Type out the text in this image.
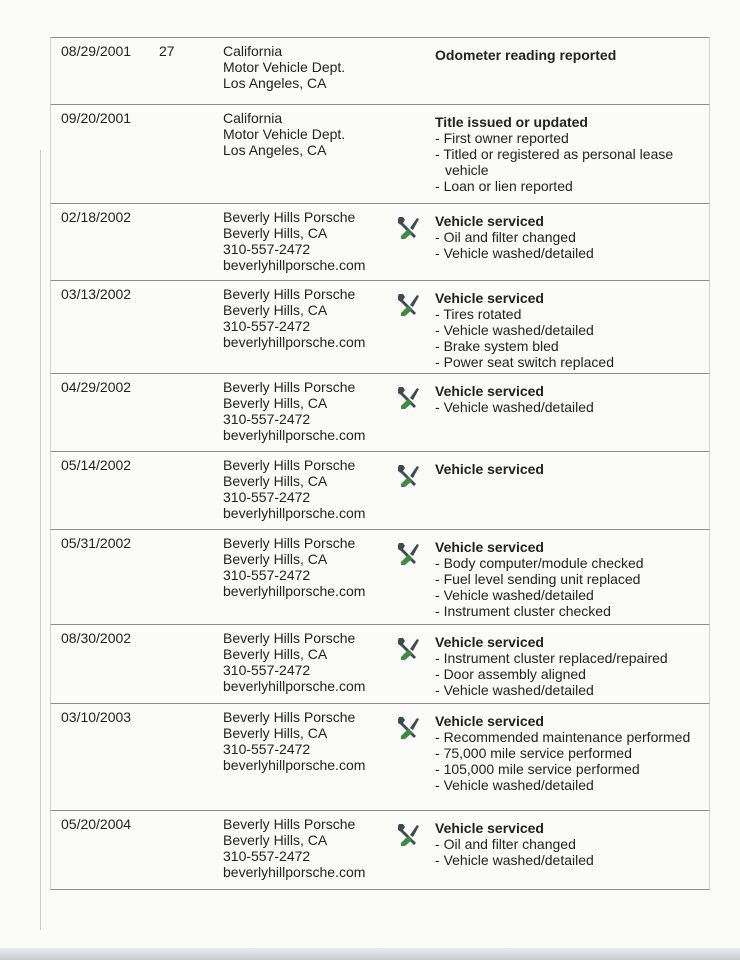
08/29/2001 27	California
Motor Vehicle Dept.
Los Angeles, CA
Odometer reading reported
09/20/2001	California
Motor Vehicle Dept.
Los Angeles, CA
Title issued or updated
- First owner reported
- Titled or registered as personal lease vehicle
- Loan or lien reported
02/18/2002	Beverly Hills Porsche
Beverly Hills, CA
310-557-2472
beverlyhillporsche.com
Vehicle serviced
- Oil and filter changed
- Vehicle washed/detailed
03/13/2002	Beverly Hills Porsche
Beverly Hills, CA
310-557-2472
beverlyhillporsche.com
Vehicle serviced
- Tires rotated
- Vehicle washed/detailed
- Brake system bled
- Power seat switch replaced
04/29/2002	Beverly Hills Porsche
Beverly Hills, CA
310-557-2472
beverlyhillporsche.com
Vehicle serviced
- Vehicle washed/detailed
05/14/2002	Beverly Hills Porsche
Beverly Hills, CA
310-557-2472
beverlyhillporsche.com
Vehicle serviced
05/31/2002	Beverly Hills Porsche
Beverly Hills, CA
310-557-2472
beverlyhillporsche.com
Vehicle serviced
- Body computer/module checked
- Fuel level sending unit replaced
- Vehicle washed/detailed
- Instrument cluster checked
08/30/2002	Beverly Hills Porsche
Beverly Hills, CA
310-557-2472
beverlyhillporsche.com
Vehicle serviced
- Instrument cluster replaced/repaired
- Door assembly aligned
- Vehicle washed/detailed
03/10/2003	Beverly Hills Porsche
Beverly Hills, CA
310-557-2472
beverlyhillporsche.com
Vehicle serviced
- Recommended maintenance performed
- 75,000 mile service performed
- 105,000 mile service performed
- Vehicle washed/detailed
05/20/2004	Beverly Hills Porsche
Beverly Hills, CA
310-557-2472
beverlyhillporsche.com
Vehicle serviced
- Oil and filter changed
- Vehicle washed/detailed
